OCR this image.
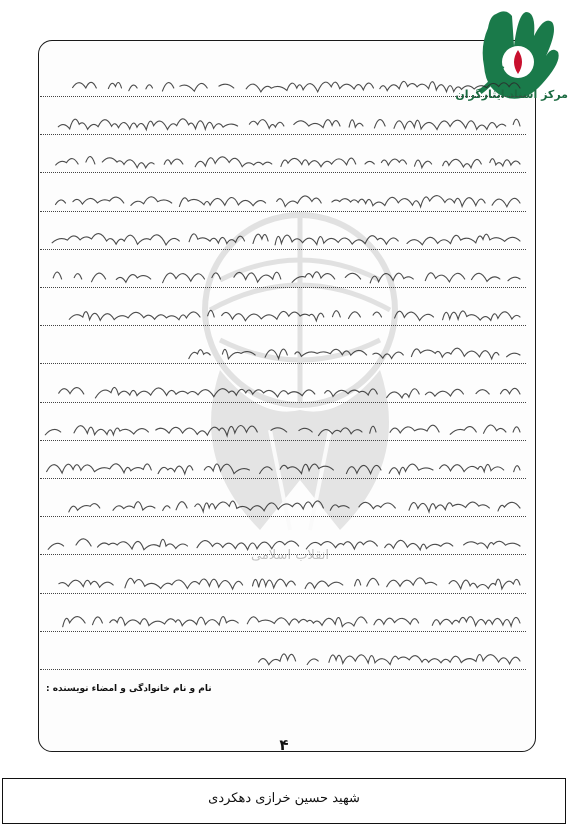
انقلاب اسلامی
مرکز اسناد ایثارگران
نام و نام خانوادگی و امضاء نویسنده :
۴
شهید حسین خرازی دهکردی
